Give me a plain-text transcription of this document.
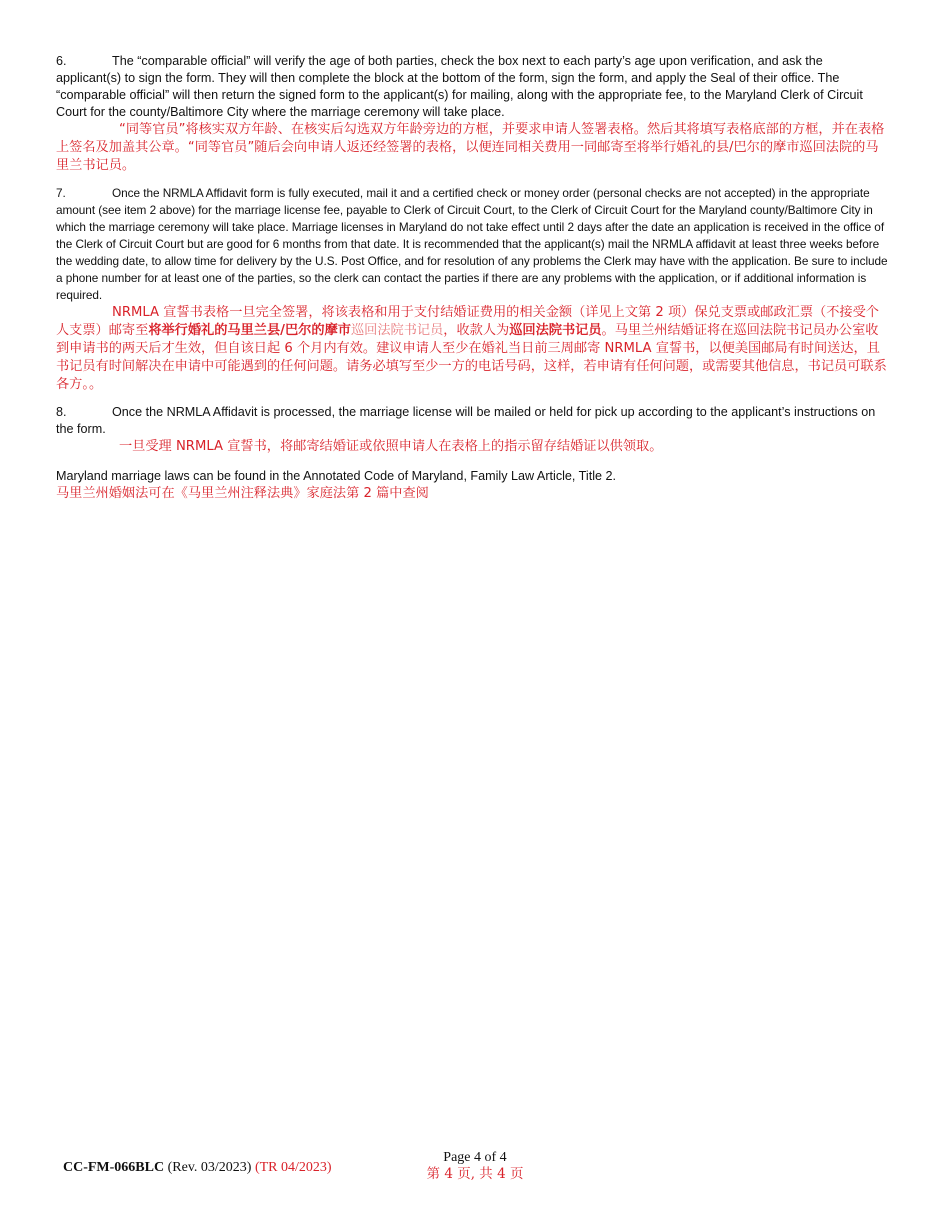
6.	The “comparable official” will verify the age of both parties, check the box next to each party’s age upon verification, and ask the applicant(s) to sign the form. They will then complete the block at the bottom of the form, sign the form, and apply the Seal of their office. The “comparable official” will then return the signed form to the applicant(s) for mailing, along with the appropriate fee, to the Maryland Clerk of Circuit Court for the county/Baltimore City where the marriage ceremony will take place.

“同等官员”将核实双方年龄、在核实后勾选双方年龄旁边的方框，并要求申请人签署表格。然后其将填写表格底部的方框，并在表格上签名及加盖其公章。“同等官员”随后会向申请人返还经签署的表格，以便连同相关费用一同邮寄至将举行婚礼的县/巴尔的摩市巡回法院的马里兰书记员。

7.	Once the NRMLA Affidavit form is fully executed, mail it and a certified check or money order (personal checks are not accepted) in the appropriate amount (see item 2 above) for the marriage license fee, payable to Clerk of Circuit Court, to the Clerk of Circuit Court for the Maryland county/Baltimore City in which the marriage ceremony will take place. Marriage licenses in Maryland do not take effect until 2 days after the date an application is received in the office of the Clerk of Circuit Court but are good for 6 months from that date. It is recommended that the applicant(s) mail the NRMLA affidavit at least three weeks before the wedding date, to allow time for delivery by the U.S. Post Office, and for resolution of any problems the Clerk may have with the application. Be sure to include a phone number for at least one of the parties, so the clerk can contact the parties if there are any problems with the application, or if additional information is required.

NRMLA 宣誓书表格一旦完全签署，将该表格和用于支付结婚证费用的相关金额（详见上文第 2 项）保兑支票或邮政汇票（不接受个人支票）邮寄至将举行婚礼的马里兰县/巴尔的摩市巡回法院书记员，收款人为巡回法院书记员。马里兰州结婚证将在巡回法院书记员办公室收到申请书的两天后才生效，但自该日起 6 个月内有效。建议申请人至少在婚礼当日前三周邮寄 NRMLA 宣誓书，以便美国邮局有时间送达，且书记员有时间解决在申请中可能遇到的任何问题。请务必填写至少一方的电话号码，这样，若申请有任何问题，或需要其他信息，书记员可联系各方。。

8.	Once the NRMLA Affidavit is processed, the marriage license will be mailed or held for pick up according to the applicant’s instructions on the form.

一旦受理 NRMLA 宣誓书，将邮寄结婚证或依照申请人在表格上的指示留存结婚证以供领取。

Maryland marriage laws can be found in the Annotated Code of Maryland, Family Law Article, Title 2.

马里兰州婚姻法可在《马里兰州注释法典》家庭法第 2 篇中查阅

CC-FM-066BLC (Rev. 03/2023) (TR 04/2023)
Page 4 of 4
第 4 页, 共 4 页
